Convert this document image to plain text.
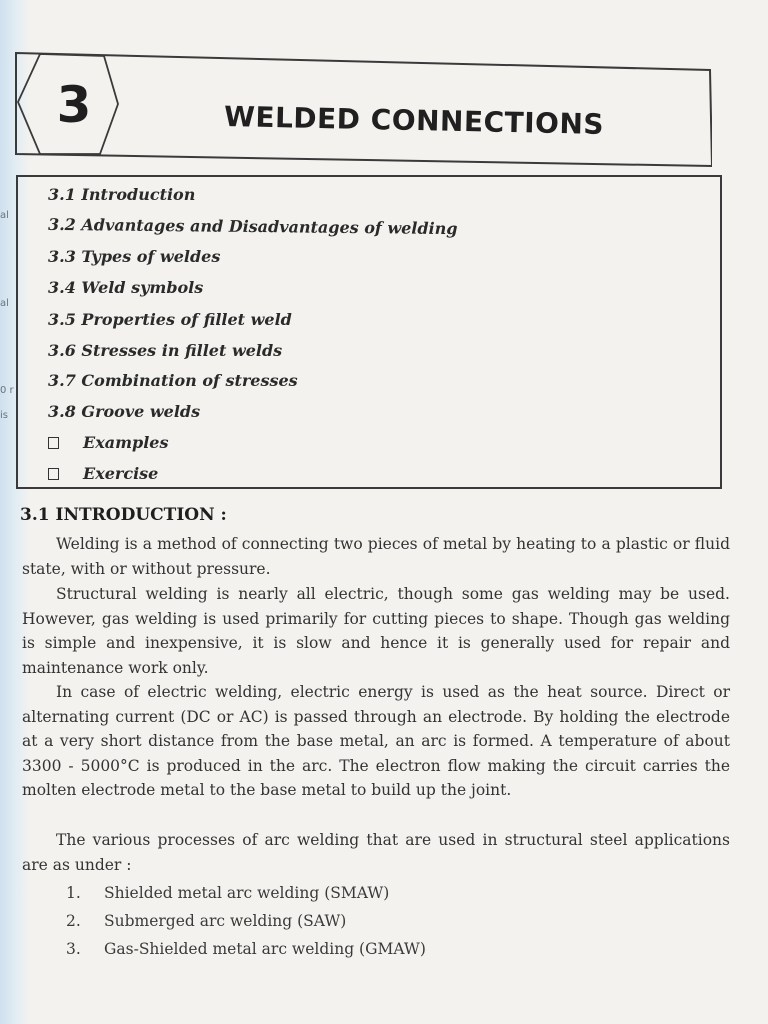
al
al
0 r
is
3	WELDED CONNECTIONS
3.1 Introduction
3.2 Advantages and Disadvantages of welding
3.3 Types of weldes
3.4 Weld symbols
3.5 Properties of fillet weld
3.6 Stresses in fillet welds
3.7 Combination of stresses
3.8 Groove welds
Examples
Exercise
3.1 INTRODUCTION :
Welding is a method of connecting two pieces of metal by heating to a plastic or fluid state, with or without pressure.
Structural welding is nearly all electric, though some gas welding may be used. However, gas welding is used primarily for cutting pieces to shape. Though gas welding is simple and inexpensive, it is slow and hence it is generally used for repair and maintenance work only.
In case of electric welding, electric energy is used as the heat source. Direct or alternating current (DC or AC) is passed through an electrode. By holding the electrode at a very short distance from the base metal, an arc is formed. A temperature of about 3300 - 5000°C is produced in the arc. The electron flow making the circuit carries the molten electrode metal to the base metal to build up the joint.
The various processes of arc welding that are used in structural steel applications are as under :
1. Shielded metal arc welding (SMAW)
2. Submerged arc welding (SAW)
3. Gas-Shielded metal arc welding (GMAW)
